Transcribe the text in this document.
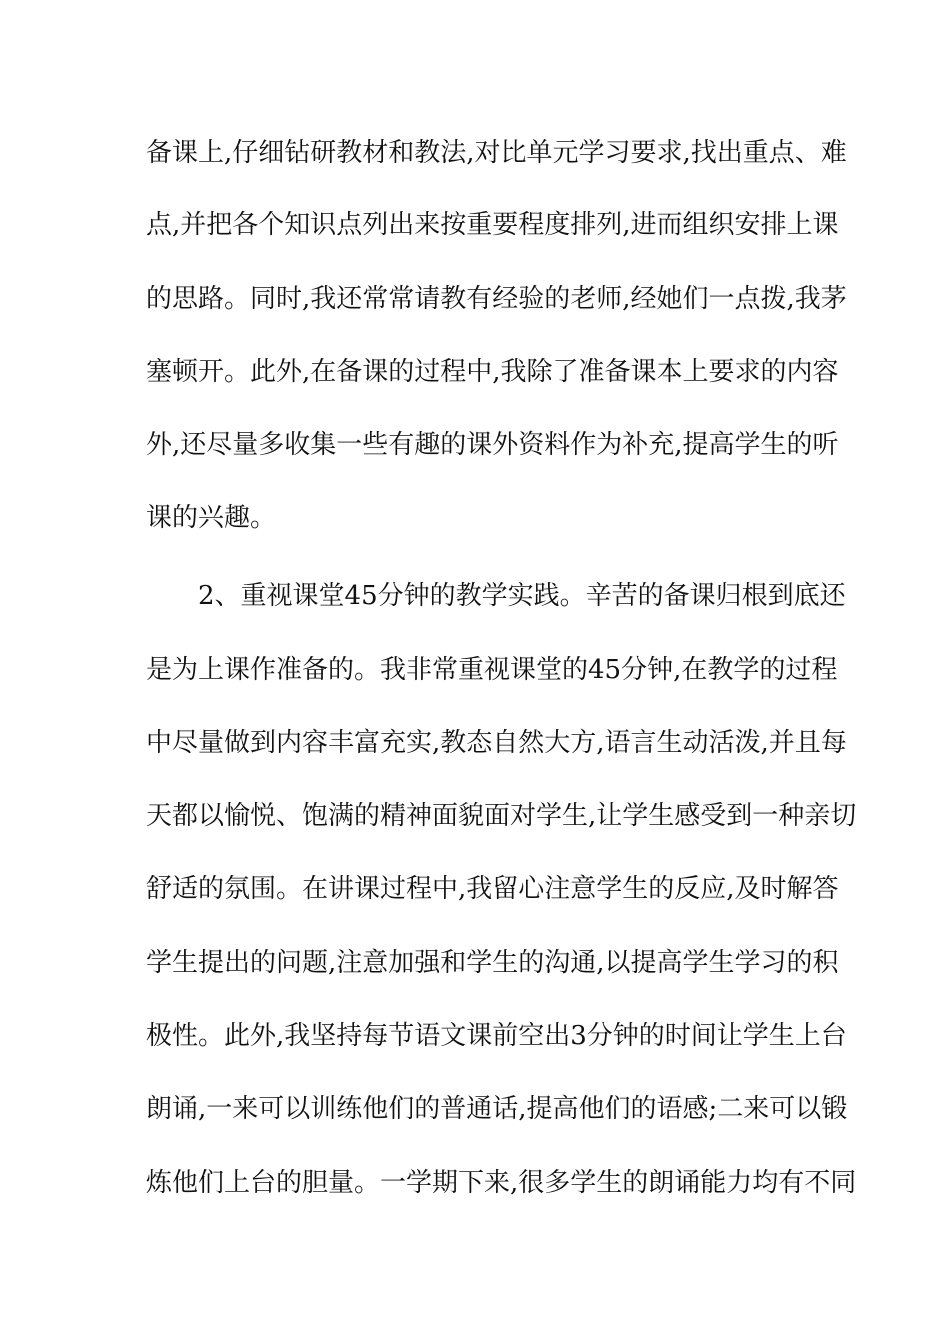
备课上,仔细钻研教材和教法,对比单元学习要求,找出重点、难
点,并把各个知识点列出来按重要程度排列,进而组织安排上课
的思路。同时,我还常常请教有经验的老师,经她们一点拨,我茅
塞顿开。此外,在备课的过程中,我除了准备课本上要求的内容
外,还尽量多收集一些有趣的课外资料作为补充,提高学生的听
课的兴趣。
2、重视课堂45分钟的教学实践。辛苦的备课归根到底还
是为上课作准备的。我非常重视课堂的45分钟,在教学的过程
中尽量做到内容丰富充实,教态自然大方,语言生动活泼,并且每
天都以愉悦、饱满的精神面貌面对学生,让学生感受到一种亲切
舒适的氛围。在讲课过程中,我留心注意学生的反应,及时解答
学生提出的问题,注意加强和学生的沟通,以提高学生学习的积
极性。此外,我坚持每节语文课前空出3分钟的时间让学生上台
朗诵,一来可以训练他们的普通话,提高他们的语感;二来可以锻
炼他们上台的胆量。一学期下来,很多学生的朗诵能力均有不同
